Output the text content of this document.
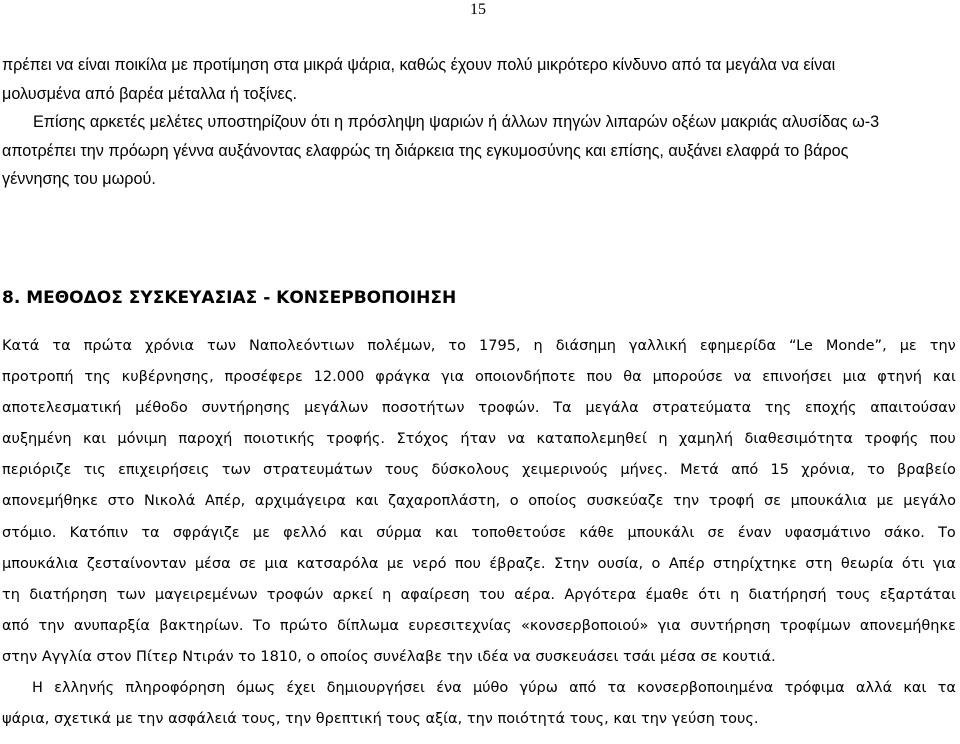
15
πρέπει να είναι ποικίλα με προτίμηση στα μικρά ψάρια, καθώς έχουν πολύ μικρότερο κίνδυνο από τα μεγάλα να είναι
μολυσμένα από βαρέα μέταλλα ή τοξίνες.
Επίσης αρκετές μελέτες υποστηρίζουν ότι η πρόσληψη ψαριών ή άλλων πηγών λιπαρών οξέων μακριάς αλυσίδας ω-3
αποτρέπει την πρόωρη γέννα αυξάνοντας ελαφρώς τη διάρκεια της εγκυμοσύνης και επίσης, αυξάνει ελαφρά το βάρος
γέννησης του μωρού.
8. ΜΕΘΟΔΟΣ ΣΥΣΚΕΥΑΣΙΑΣ - ΚΟΝΣΕΡΒΟΠΟΙΗΣΗ
Κατά τα πρώτα χρόνια των Ναπολεόντιων πολέμων, το 1795, η διάσημη γαλλική εφημερίδα “Le Monde”, με την
προτροπή της κυβέρνησης, προσέφερε 12.000 φράγκα για οποιονδήποτε που θα μπορούσε να επινοήσει μια φτηνή και
αποτελεσματική μέθοδο συντήρησης μεγάλων ποσοτήτων τροφών. Τα μεγάλα στρατεύματα της εποχής απαιτούσαν
αυξημένη και μόνιμη παροχή ποιοτικής τροφής. Στόχος ήταν να καταπολεμηθεί η χαμηλή διαθεσιμότητα τροφής που
περιόριζε τις επιχειρήσεις των στρατευμάτων τους δύσκολους χειμερινούς μήνες. Μετά από 15 χρόνια, το βραβείο
απονεμήθηκε στο Νικολά Απέρ, αρχιμάγειρα και ζαχαροπλάστη, ο οποίος συσκεύαζε την τροφή σε μπουκάλια με μεγάλο
στόμιο. Κατόπιν τα σφράγιζε με φελλό και σύρμα και τοποθετούσε κάθε μπουκάλι σε έναν υφασμάτινο σάκο. Το
μπουκάλια ζεσταίνονταν μέσα σε μια κατσαρόλα με νερό που έβραζε. Στην ουσία, ο Απέρ στηρίχτηκε στη θεωρία ότι για
τη διατήρηση των μαγειρεμένων τροφών αρκεί η αφαίρεση του αέρα. Αργότερα έμαθε ότι η διατήρησή τους εξαρτάται
από την ανυπαρξία βακτηρίων. Το πρώτο δίπλωμα ευρεσιτεχνίας «κονσερβοποιού» για συντήρηση τροφίμων απονεμήθηκε
στην Αγγλία στον Πίτερ Ντιράν το 1810, ο οποίος συνέλαβε την ιδέα να συσκευάσει τσάι μέσα σε κουτιά.
Η ελληνής πληροφόρηση όμως έχει δημιουργήσει ένα μύθο γύρω από τα κονσερβοποιημένα τρόφιμα αλλά και τα
ψάρια, σχετικά με την ασφάλειά τους, την θρεπτική τους αξία, την ποιότητά τους, και την γεύση τους.
